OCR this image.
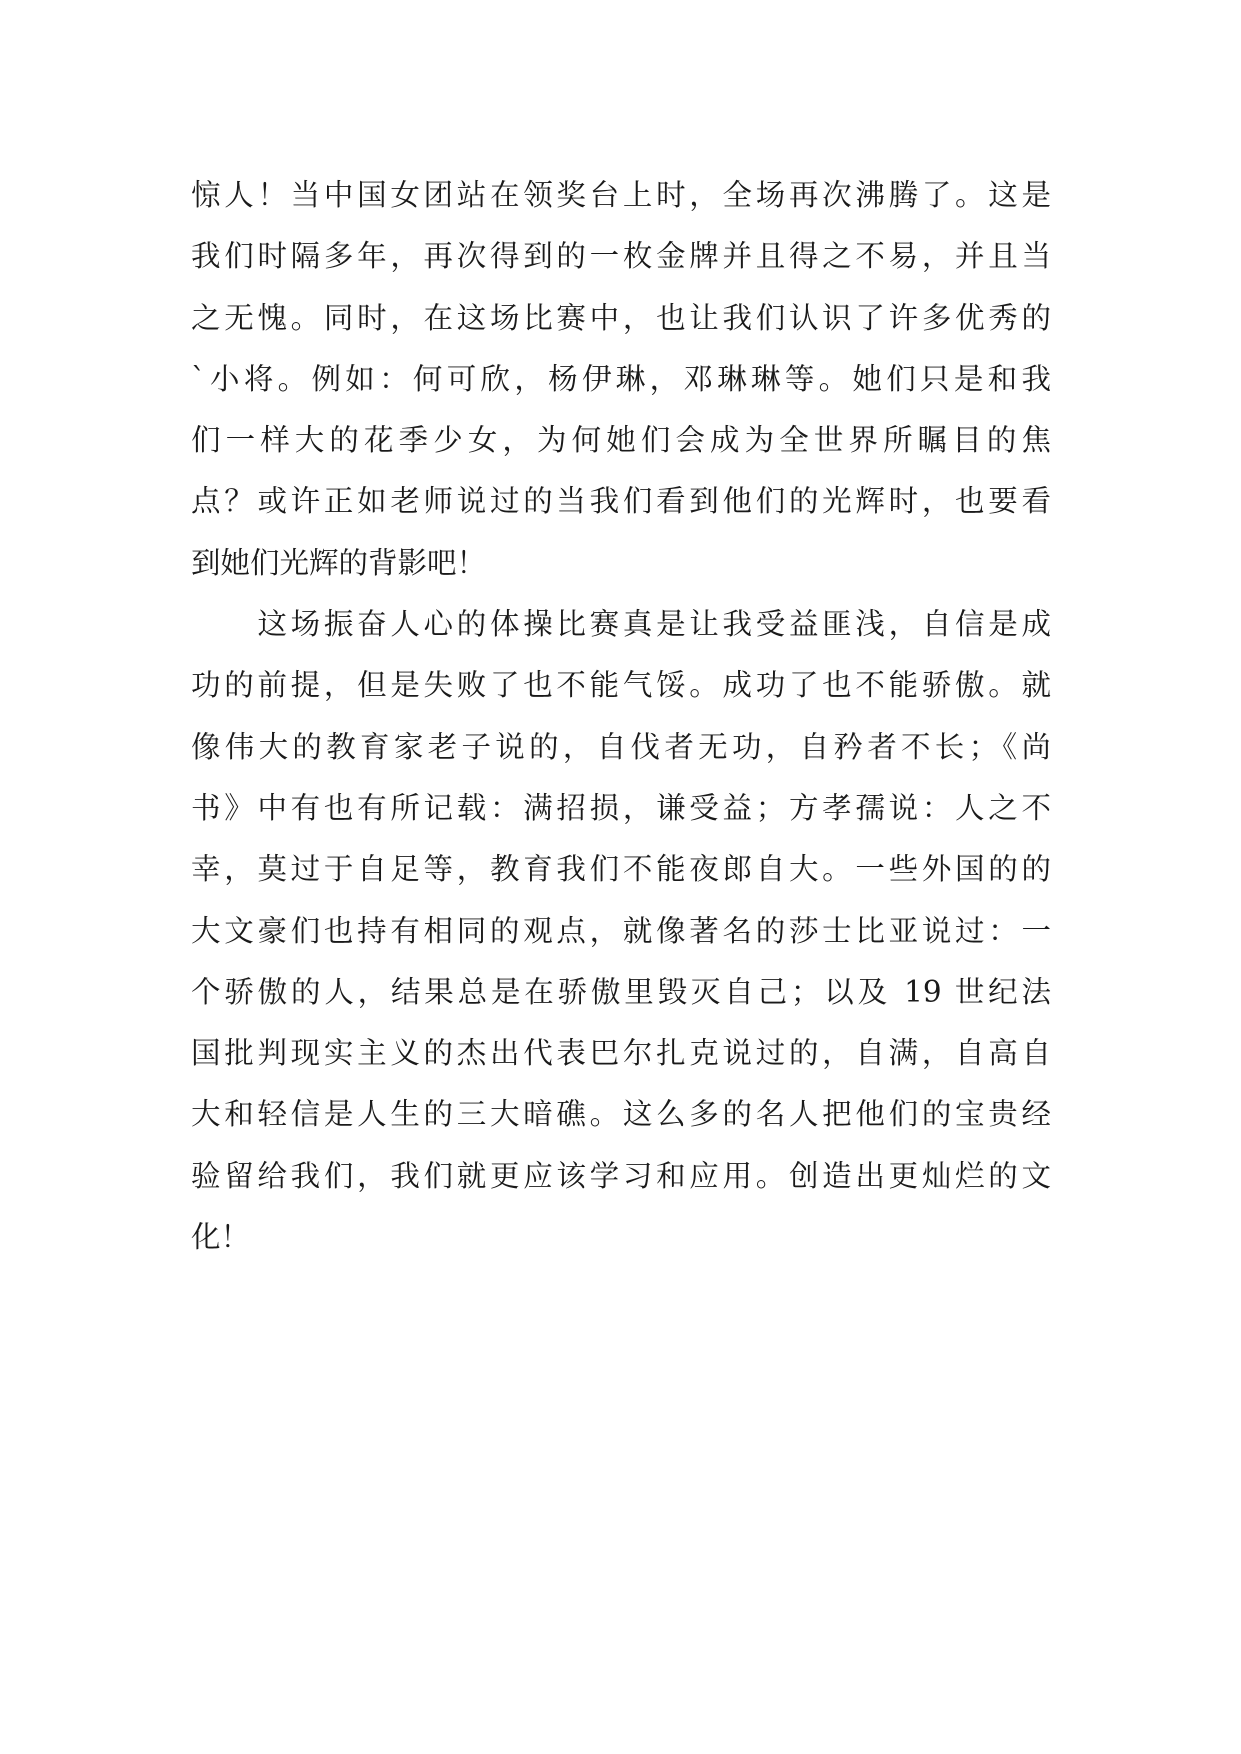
惊人！当中国女团站在领奖台上时，全场再次沸腾了。这是
我们时隔多年，再次得到的一枚金牌并且得之不易，并且当
之无愧。同时，在这场比赛中，也让我们认识了许多优秀的
`小将。例如：何可欣，杨伊琳，邓琳琳等。她们只是和我
们一样大的花季少女，为何她们会成为全世界所瞩目的焦
点？或许正如老师说过的当我们看到他们的光辉时，也要看
到她们光辉的背影吧！
　　这场振奋人心的体操比赛真是让我受益匪浅，自信是成
功的前提，但是失败了也不能气馁。成功了也不能骄傲。就
像伟大的教育家老子说的，自伐者无功，自矜者不长；《尚
书》中有也有所记载：满招损，谦受益；方孝孺说：人之不
幸，莫过于自足等，教育我们不能夜郎自大。一些外国的的
大文豪们也持有相同的观点，就像著名的莎士比亚说过：一
个骄傲的人，结果总是在骄傲里毁灭自己；以及 19 世纪法
国批判现实主义的杰出代表巴尔扎克说过的，自满，自高自
大和轻信是人生的三大暗礁。这么多的名人把他们的宝贵经
验留给我们，我们就更应该学习和应用。创造出更灿烂的文
化！
